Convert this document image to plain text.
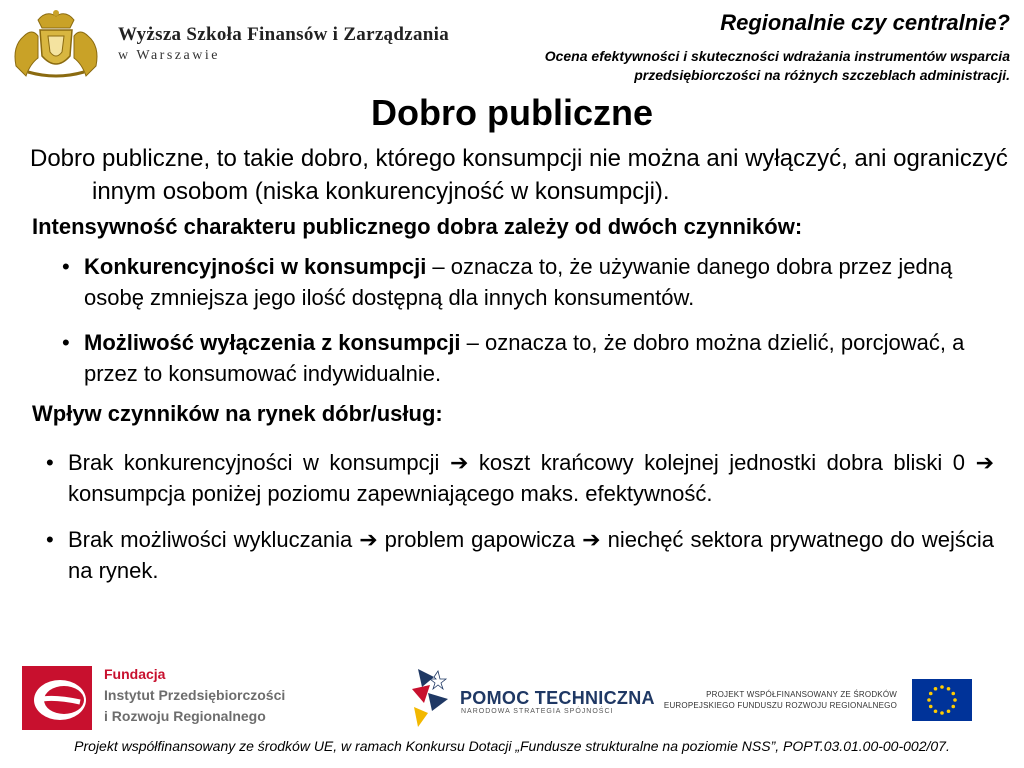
Wyższa Szkoła Finansów i Zarządzania
w Warszawie
Regionalnie czy centralnie?
Ocena efektywności i skuteczności wdrażania instrumentów wsparcia
przedsiębiorczości na różnych szczeblach administracji.
Dobro publiczne
Dobro publiczne, to takie dobro, którego konsumpcji nie można ani wyłączyć, ani ograniczyć innym osobom (niska konkurencyjność w konsumpcji).
Intensywność charakteru publicznego dobra zależy od dwóch czynników:
• Konkurencyjności w konsumpcji – oznacza to, że używanie danego dobra przez jedną osobę zmniejsza jego ilość dostępną dla innych konsumentów.
• Możliwość wyłączenia z konsumpcji – oznacza to, że dobro można dzielić, porcjować, a przez to konsumować indywidualnie.
Wpływ czynników na rynek dóbr/usług:
• Brak konkurencyjności w konsumpcji ➔ koszt krańcowy kolejnej jednostki dobra bliski 0 ➔ konsumpcja poniżej poziomu zapewniającego maks. efektywność.
• Brak możliwości wykluczania ➔ problem gapowicza ➔ niechęć sektora prywatnego do wejścia na rynek.
Fundacja
Instytut Przedsiębiorczości
i Rozwoju Regionalnego
POMOC TECHNICZNA
NARODOWA STRATEGIA SPÓJNOŚCI
PROJEKT WSPÓŁFINANSOWANY ZE ŚRODKÓW
EUROPEJSKIEGO FUNDUSZU ROZWOJU REGIONALNEGO
Projekt współfinansowany ze środków UE, w ramach Konkursu Dotacji „Fundusze strukturalne na poziomie NSS”, POPT.03.01.00-00-002/07.
